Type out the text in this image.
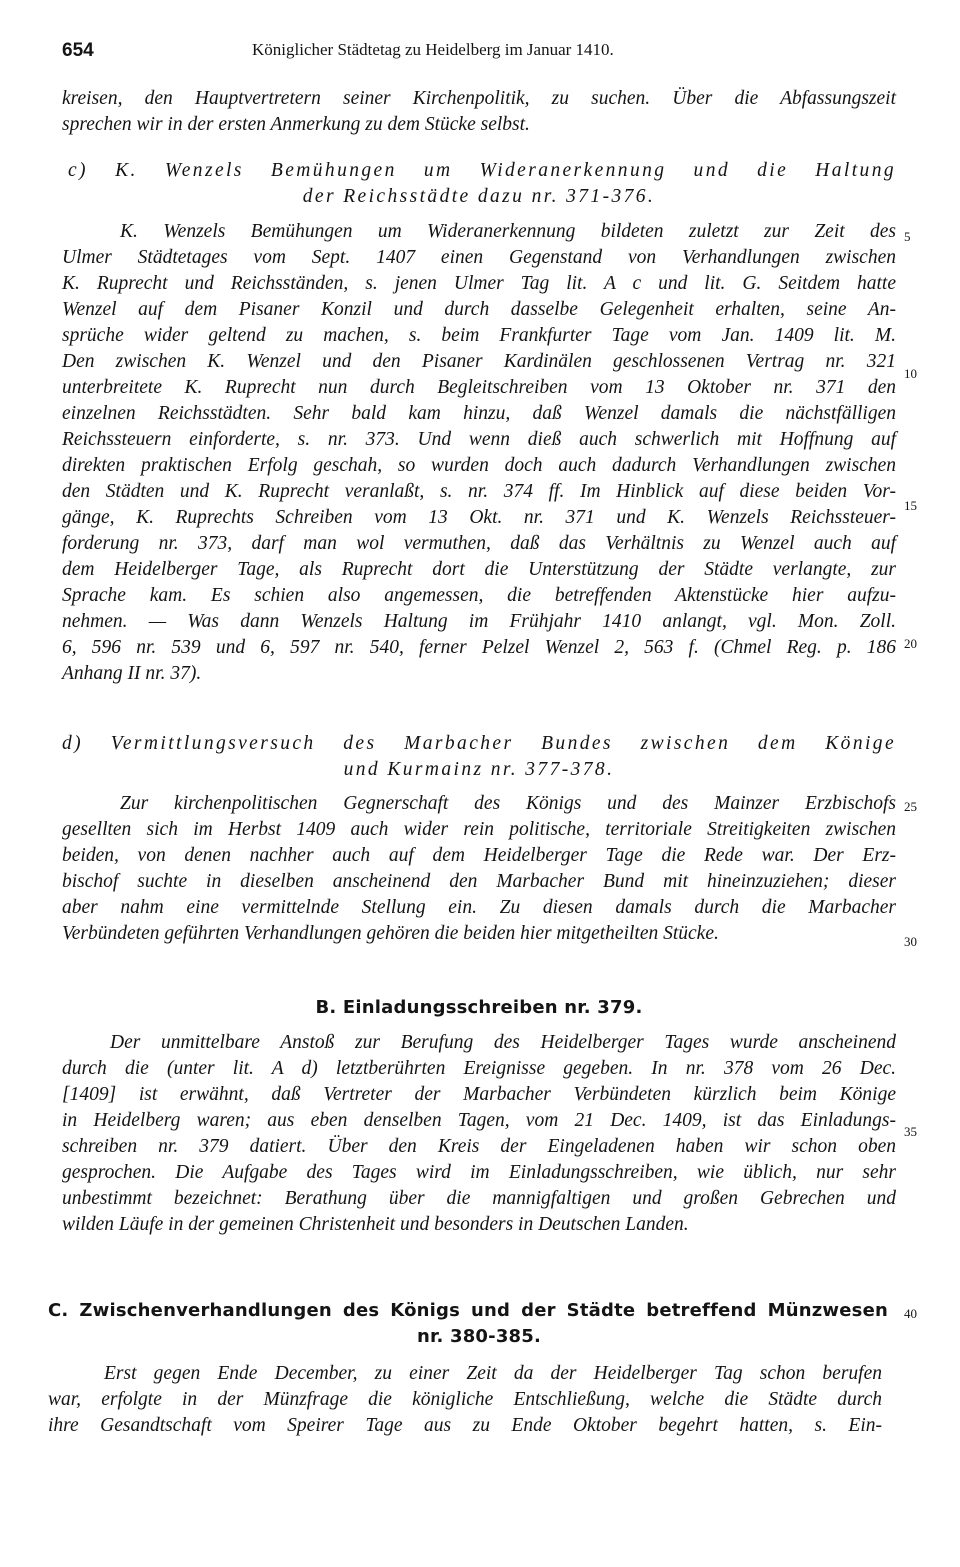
654	Königlicher Städtetag zu Heidelberg im Januar 1410.
kreisen, den Hauptvertretern seiner Kirchenpolitik, zu suchen. Über die Abfassungszeit
sprechen wir in der ersten Anmerkung zu dem Stücke selbst.
c) K. Wenzels Bemühungen um Wideranerkennung und die Haltung
der Reichsstädte dazu nr. 371-376.
K. Wenzels Bemühungen um Wideranerkennung bildeten zuletzt zur Zeit des
Ulmer Städtetages vom Sept. 1407 einen Gegenstand von Verhandlungen zwischen
K. Ruprecht und Reichsständen, s. jenen Ulmer Tag lit. A c und lit. G. Seitdem hatte
Wenzel auf dem Pisaner Konzil und durch dasselbe Gelegenheit erhalten, seine An-
sprüche wider geltend zu machen, s. beim Frankfurter Tage vom Jan. 1409 lit. M.
Den zwischen K. Wenzel und den Pisaner Kardinälen geschlossenen Vertrag nr. 321
unterbreitete K. Ruprecht nun durch Begleitschreiben vom 13 Oktober nr. 371 den
einzelnen Reichsstädten. Sehr bald kam hinzu, daß Wenzel damals die nächstfälligen
Reichssteuern einforderte, s. nr. 373. Und wenn dieß auch schwerlich mit Hoffnung auf
direkten praktischen Erfolg geschah, so wurden doch auch dadurch Verhandlungen zwischen
den Städten und K. Ruprecht veranlaßt, s. nr. 374 ff. Im Hinblick auf diese beiden Vor-
gänge, K. Ruprechts Schreiben vom 13 Okt. nr. 371 und K. Wenzels Reichssteuer-
forderung nr. 373, darf man wol vermuthen, daß das Verhältnis zu Wenzel auch auf
dem Heidelberger Tage, als Ruprecht dort die Unterstützung der Städte verlangte, zur
Sprache kam. Es schien also angemessen, die betreffenden Aktenstücke hier aufzu-
nehmen. — Was dann Wenzels Haltung im Frühjahr 1410 anlangt, vgl. Mon. Zoll.
6, 596 nr. 539 und 6, 597 nr. 540, ferner Pelzel Wenzel 2, 563 f. (Chmel Reg. p. 186
Anhang II nr. 37).
d) Vermittlungsversuch des Marbacher Bundes zwischen dem Könige
und Kurmainz nr. 377-378.
Zur kirchenpolitischen Gegnerschaft des Königs und des Mainzer Erzbischofs
gesellten sich im Herbst 1409 auch wider rein politische, territoriale Streitigkeiten zwischen
beiden, von denen nachher auch auf dem Heidelberger Tage die Rede war. Der Erz-
bischof suchte in dieselben anscheinend den Marbacher Bund mit hineinzuziehen; dieser
aber nahm eine vermittelnde Stellung ein. Zu diesen damals durch die Marbacher
Verbündeten geführten Verhandlungen gehören die beiden hier mitgetheilten Stücke.
B. Einladungsschreiben nr. 379.
Der unmittelbare Anstoß zur Berufung des Heidelberger Tages wurde anscheinend
durch die (unter lit. A d) letztberührten Ereignisse gegeben. In nr. 378 vom 26 Dec.
[1409] ist erwähnt, daß Vertreter der Marbacher Verbündeten kürzlich beim Könige
in Heidelberg waren; aus eben denselben Tagen, vom 21 Dec. 1409, ist das Einladungs-
schreiben nr. 379 datiert. Über den Kreis der Eingeladenen haben wir schon oben
gesprochen. Die Aufgabe des Tages wird im Einladungsschreiben, wie üblich, nur sehr
unbestimmt bezeichnet: Berathung über die mannigfaltigen und großen Gebrechen und
wilden Läufe in der gemeinen Christenheit und besonders in Deutschen Landen.
C. Zwischenverhandlungen des Königs und der Städte betreffend Münzwesen
nr. 380-385.
Erst gegen Ende December, zu einer Zeit da der Heidelberger Tag schon berufen
war, erfolgte in der Münzfrage die königliche Entschließung, welche die Städte durch
ihre Gesandtschaft vom Speirer Tage aus zu Ende Oktober begehrt hatten, s. Ein-
5
10
15
20
25
30
35
40
